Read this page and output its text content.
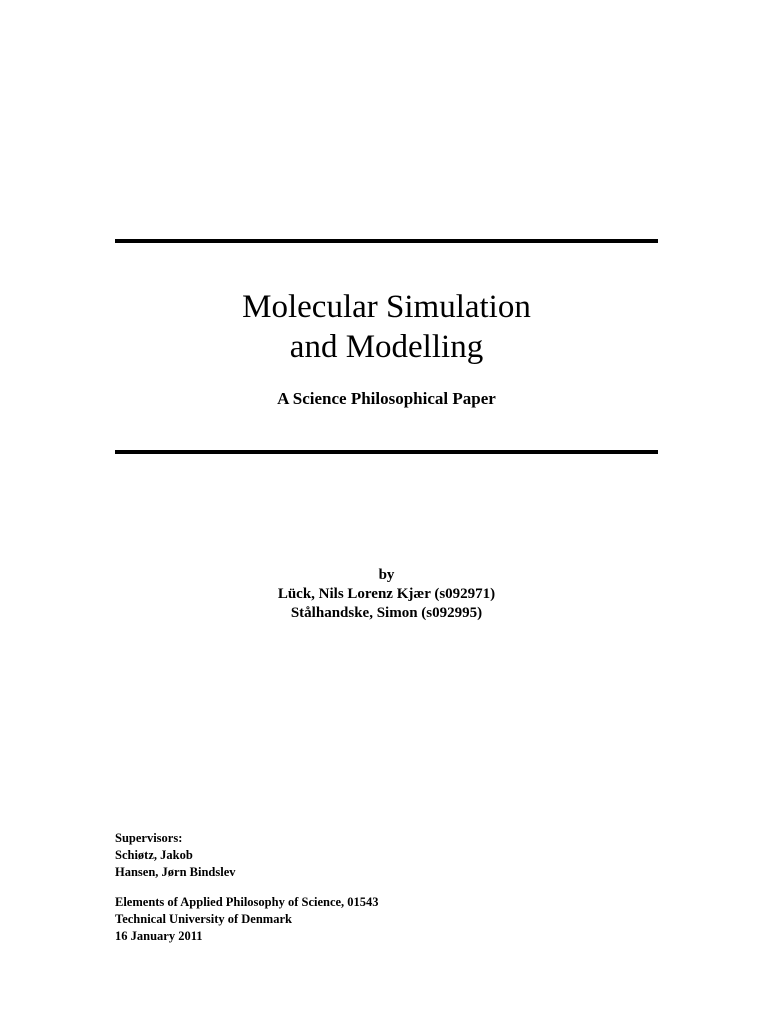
Molecular Simulation
and Modelling
A Science Philosophical Paper
by
Lück, Nils Lorenz Kjær (s092971)
Stålhandske, Simon (s092995)
Supervisors:
Schiøtz, Jakob
Hansen, Jørn Bindslev
Elements of Applied Philosophy of Science, 01543
Technical University of Denmark
16 January 2011
